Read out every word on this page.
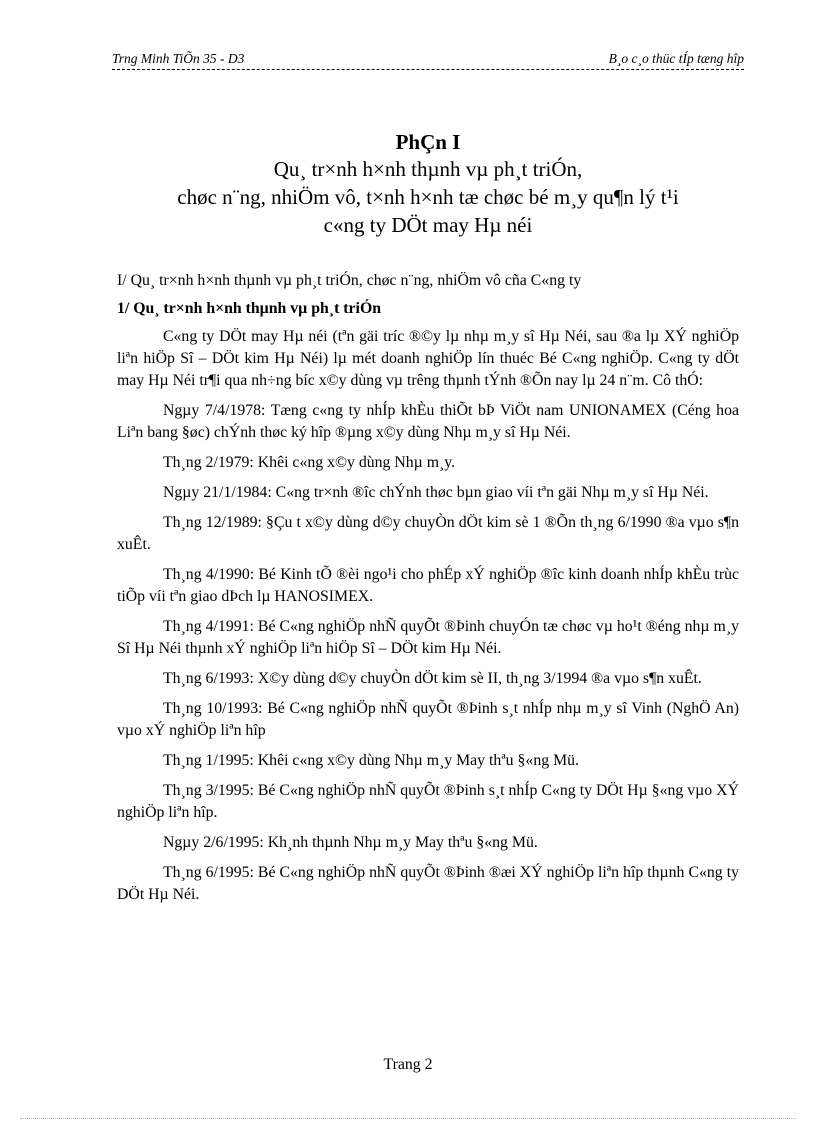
Trng Minh TiÕn 35 - D3	B¸o c¸o thüc tÍp tæng hîp
PhÇn I
Qu¸ tr×nh h×nh thµnh vµ ph¸t triÓn,
chøc n¨ng, nhiÖm vô, t×nh h×nh tæ chøc bé m¸y qu¶n lý t¹i
c«ng ty DÖt may Hµ néi
I/ Qu¸ tr×nh h×nh thµnh vµ ph¸t triÓn, chøc n¨ng, nhiÖm vô cña C«ng ty
1/ Qu¸ tr×nh h×nh thµnh vµ ph¸t triÓn

C«ng ty DÖt may Hµ néi (tªn gäi tríc ®©y lµ nhµ m¸y sî Hµ Néi, sau ®a lµ XÝ nghiÖp liªn hiÖp Sî – DÖt kim Hµ Néi) lµ mét doanh nghiÖp lín thuéc Bé C«ng nghiÖp. C«ng ty dÖt may Hµ Néi tr¶i qua nh÷ng bíc x©y dùng vµ trêng thµnh tÝnh ®Õn nay lµ 24 n¨m. Cô thÓ:

Ngµy 7/4/1978: Tæng c«ng ty nhÍp khÈu thiÕt bÞ ViÖt nam UNIONAMEX (Céng hoa Liªn bang §øc) chÝnh thøc ký hîp ®µng x©y dùng Nhµ m¸y sî Hµ Néi.

Th¸ng 2/1979: Khêi c«ng x©y dùng Nhµ m¸y.

Ngµy 21/1/1984: C«ng tr×nh ®îc chÝnh thøc bµn giao víi tªn gäi Nhµ m¸y sî Hµ Néi.

Th¸ng 12/1989: §Çu t x©y dùng d©y chuyÒn dÖt kim sè 1 ®Õn th¸ng 6/1990 ®a vµo s¶n xuÊt.

Th¸ng 4/1990: Bé Kinh tÕ ®èi ngo¹i cho phÉp xÝ nghiÖp ®îc kinh doanh nhÍp khÈu trùc tiÕp víi tªn giao dÞch lµ HANOSIMEX.

Th¸ng 4/1991: Bé C«ng nghiÖp nhÑ quyÕt ®Þinh chuyÓn tæ chøc vµ ho¹t ®éng nhµ m¸y Sî Hµ Néi thµnh xÝ nghiÖp liªn hiÖp Sî – DÖt kim Hµ Néi.

Th¸ng 6/1993: X©y dùng d©y chuyÒn dÖt kim sè II, th¸ng 3/1994 ®a vµo s¶n xuÊt.

Th¸ng 10/1993: Bé C«ng nghiÖp nhÑ quyÕt ®Þinh s¸t nhÍp nhµ m¸y sî Vinh (NghÖ An) vµo xÝ nghiÖp liªn hîp

Th¸ng 1/1995: Khêi c«ng x©y dùng Nhµ m¸y May thªu §«ng Mü.

Th¸ng 3/1995: Bé C«ng nghiÖp nhÑ quyÕt ®Þinh s¸t nhÍp C«ng ty DÖt Hµ §«ng vµo XÝ nghiÖp liªn hîp.

Ngµy 2/6/1995: Kh¸nh thµnh Nhµ m¸y May thªu §«ng Mü.

Th¸ng 6/1995: Bé C«ng nghiÖp nhÑ quyÕt ®Þinh ®æi XÝ nghiÖp liªn hîp thµnh C«ng ty DÖt Hµ Néi.

Trang 2
